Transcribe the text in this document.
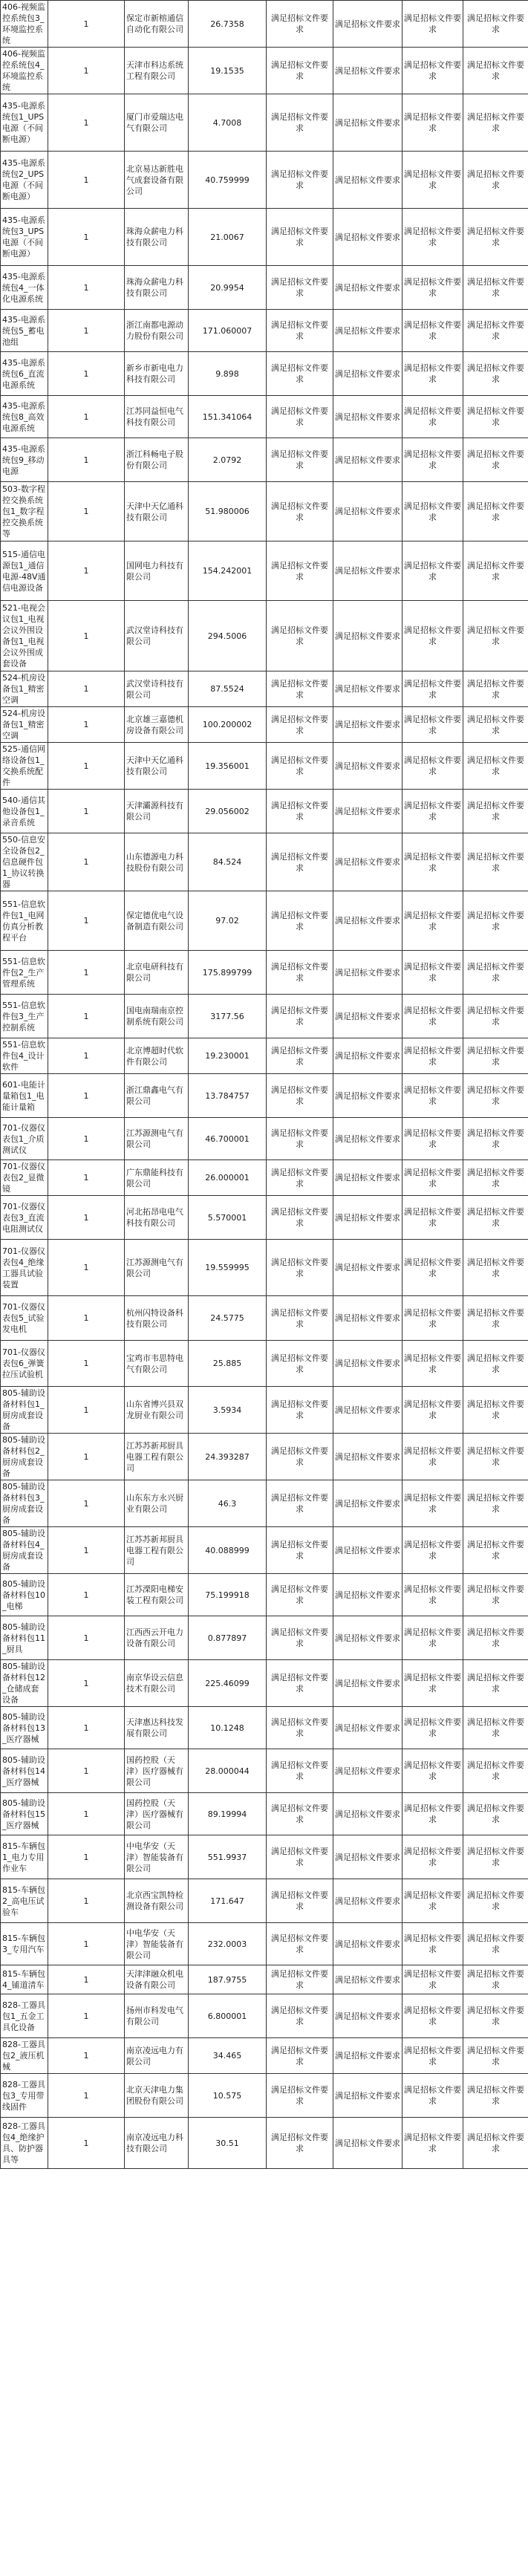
406-视频监控系统包3_环境监控系统	1	保定市新榕通信自动化有限公司	26.7358	满足招标文件要求	满足招标文件要求	满足招标文件要求	满足招标文件要求
406-视频监控系统包4_环境监控系统	1	天津市科达系统工程有限公司	19.1535	满足招标文件要求	满足招标文件要求	满足招标文件要求	满足招标文件要求
435-电源系统包1_UPS电源（不间断电源）	1	厦门市爱瑞达电气有限公司	4.7008	满足招标文件要求	满足招标文件要求	满足招标文件要求	满足招标文件要求
435-电源系统包2_UPS电源（不间断电源）	1	北京易达新胜电气成套设备有限公司	40.759999	满足招标文件要求	满足招标文件要求	满足招标文件要求	满足招标文件要求
435-电源系统包3_UPS电源（不间断电源）	1	珠海众薪电力科技有限公司	21.0067	满足招标文件要求	满足招标文件要求	满足招标文件要求	满足招标文件要求
435-电源系统包4_一体化电源系统	1	珠海众薪电力科技有限公司	20.9954	满足招标文件要求	满足招标文件要求	满足招标文件要求	满足招标文件要求
435-电源系统包5_蓄电池组	1	浙江南都电源动力股份有限公司	171.060007	满足招标文件要求	满足招标文件要求	满足招标文件要求	满足招标文件要求
435-电源系统包6_直流电源系统	1	新乡市新电电力科技有限公司	9.898	满足招标文件要求	满足招标文件要求	满足招标文件要求	满足招标文件要求
435-电源系统包8_高效电源系统	1	江苏同益恒电气科技有限公司	151.341064	满足招标文件要求	满足招标文件要求	满足招标文件要求	满足招标文件要求
435-电源系统包9_移动电源	1	浙江科畅电子股份有限公司	2.0792	满足招标文件要求	满足招标文件要求	满足招标文件要求	满足招标文件要求
503-数字程控交换系统包1_数字程控交换系统等	1	天津中天亿通科技有限公司	51.980006	满足招标文件要求	满足招标文件要求	满足招标文件要求	满足招标文件要求
515-通信电源包1_通信电源-48V通信电源设备	1	国网电力科技有限公司	154.242001	满足招标文件要求	满足招标文件要求	满足招标文件要求	满足招标文件要求
521-电视会议包1_电视会议外围设备包1_电视会议外围成套设备	1	武汉堂诗科技有限公司	294.5006	满足招标文件要求	满足招标文件要求	满足招标文件要求	满足招标文件要求
524-机房设备包1_精密空调	1	武汉堂诗科技有限公司	87.5524	满足招标文件要求	满足招标文件要求	满足招标文件要求	满足招标文件要求
524-机房设备包1_精密空调	1	北京雄三嘉德机房设备有限公司	100.200002	满足招标文件要求	满足招标文件要求	满足招标文件要求	满足招标文件要求
525-通信网络设备包1_交换系统配件	1	天津中天亿通科技有限公司	19.356001	满足招标文件要求	满足招标文件要求	满足招标文件要求	满足招标文件要求
540-通信其他设备包1_录音系统	1	天津灞源科技有限公司	29.056002	满足招标文件要求	满足招标文件要求	满足招标文件要求	满足招标文件要求
550-信息安全设备包2_信息硬件包1_协议转换器	1	山东德源电力科技股份有限公司	84.524	满足招标文件要求	满足招标文件要求	满足招标文件要求	满足招标文件要求
551-信息软件包1_电网仿真分析教程平台	1	保定德优电气设备制造有限公司	97.02	满足招标文件要求	满足招标文件要求	满足招标文件要求	满足招标文件要求
551-信息软件包2_生产管理系统	1	北京电研科技有限公司	175.899799	满足招标文件要求	满足招标文件要求	满足招标文件要求	满足招标文件要求
551-信息软件包3_生产控制系统	1	国电南瑞南京控制系统有限公司	3177.56	满足招标文件要求	满足招标文件要求	满足招标文件要求	满足招标文件要求
551-信息软件包4_设计软件	1	北京博超时代软件有限公司	19.230001	满足招标文件要求	满足招标文件要求	满足招标文件要求	满足招标文件要求
601-电能计量箱包1_电能计量箱	1	浙江鼎鑫电气有限公司	13.784757	满足招标文件要求	满足招标文件要求	满足招标文件要求	满足招标文件要求
701-仪器仪表包1_介质测试仪	1	江苏源测电气有限公司	46.700001	满足招标文件要求	满足招标文件要求	满足招标文件要求	满足招标文件要求
701-仪器仪表包2_显微镜	1	广东鼎能科技有限公司	26.000001	满足招标文件要求	满足招标文件要求	满足招标文件要求	满足招标文件要求
701-仪器仪表包3_直流电阻测试仪	1	河北拓昂电电气科技有限公司	5.570001	满足招标文件要求	满足招标文件要求	满足招标文件要求	满足招标文件要求
701-仪器仪表包4_绝缘工器具试验装置	1	江苏源测电气有限公司	19.559995	满足招标文件要求	满足招标文件要求	满足招标文件要求	满足招标文件要求
701-仪器仪表包5_试验发电机	1	杭州闪特设备科技有限公司	24.5775	满足招标文件要求	满足招标文件要求	满足招标文件要求	满足招标文件要求
701-仪器仪表包6_弹簧拉压试验机	1	宝鸡市韦思特电气有限公司	25.885	满足招标文件要求	满足招标文件要求	满足招标文件要求	满足招标文件要求
805-辅助设备材料包1_厨房成套设备	1	山东省博兴县双龙厨业有限公司	3.5934	满足招标文件要求	满足招标文件要求	满足招标文件要求	满足招标文件要求
805-辅助设备材料包2_厨房成套设备	1	江苏苏新邦厨具电器工程有限公司	24.393287	满足招标文件要求	满足招标文件要求	满足招标文件要求	满足招标文件要求
805-辅助设备材料包3_厨房成套设备	1	山东东方永兴厨业有限公司	46.3	满足招标文件要求	满足招标文件要求	满足招标文件要求	满足招标文件要求
805-辅助设备材料包4_厨房成套设备	1	江苏苏新邦厨具电器工程有限公司	40.088999	满足招标文件要求	满足招标文件要求	满足招标文件要求	满足招标文件要求
805-辅助设备材料包10_电梯	1	江苏溧阳电梯安装工程有限公司	75.199918	满足招标文件要求	满足招标文件要求	满足招标文件要求	满足招标文件要求
805-辅助设备材料包11_厨具	1	江西西云开电力设备有限公司	0.877897	满足招标文件要求	满足招标文件要求	满足招标文件要求	满足招标文件要求
805-辅助设备材料包12_仓储成套设备	1	南京华设云信息技术有限公司	225.46099	满足招标文件要求	满足招标文件要求	满足招标文件要求	满足招标文件要求
805-辅助设备材料包13_医疗器械	1	天津惠达科技发展有限公司	10.1248	满足招标文件要求	满足招标文件要求	满足招标文件要求	满足招标文件要求
805-辅助设备材料包14_医疗器械	1	国药控股（天津）医疗器械有限公司	28.000044	满足招标文件要求	满足招标文件要求	满足招标文件要求	满足招标文件要求
805-辅助设备材料包15_医疗器械	1	国药控股（天津）医疗器械有限公司	89.19994	满足招标文件要求	满足招标文件要求	满足招标文件要求	满足招标文件要求
815-车辆包1_电力专用作业车	1	中电华安（天津）智能装备有限公司	551.9937	满足招标文件要求	满足招标文件要求	满足招标文件要求	满足招标文件要求
815-车辆包2_高电压试验车	1	北京西宝凯特检测设备有限公司	171.647	满足招标文件要求	满足招标文件要求	满足招标文件要求	满足招标文件要求
815-车辆包3_专用汽车	1	中电华安（天津）智能装备有限公司	232.0003	满足招标文件要求	满足招标文件要求	满足招标文件要求	满足招标文件要求
815-车辆包4_铺道清车	1	天津津融众机电设备有限公司	187.9755	满足招标文件要求	满足招标文件要求	满足招标文件要求	满足招标文件要求
828-工器具包1_五金工具化设备	1	扬州市科发电气有限公司	6.800001	满足招标文件要求	满足招标文件要求	满足招标文件要求	满足招标文件要求
828-工器具包2_液压机械	1	南京凌远电力有限公司	34.465	满足招标文件要求	满足招标文件要求	满足招标文件要求	满足招标文件要求
828-工器具包3_专用带线固件	1	北京天津电力集团股份有限公司	10.575	满足招标文件要求	满足招标文件要求	满足招标文件要求	满足招标文件要求
828-工器具包4_绝缘护具、防护器具等	1	南京凌远电力科技有限公司	30.51	满足招标文件要求	满足招标文件要求	满足招标文件要求	满足招标文件要求
